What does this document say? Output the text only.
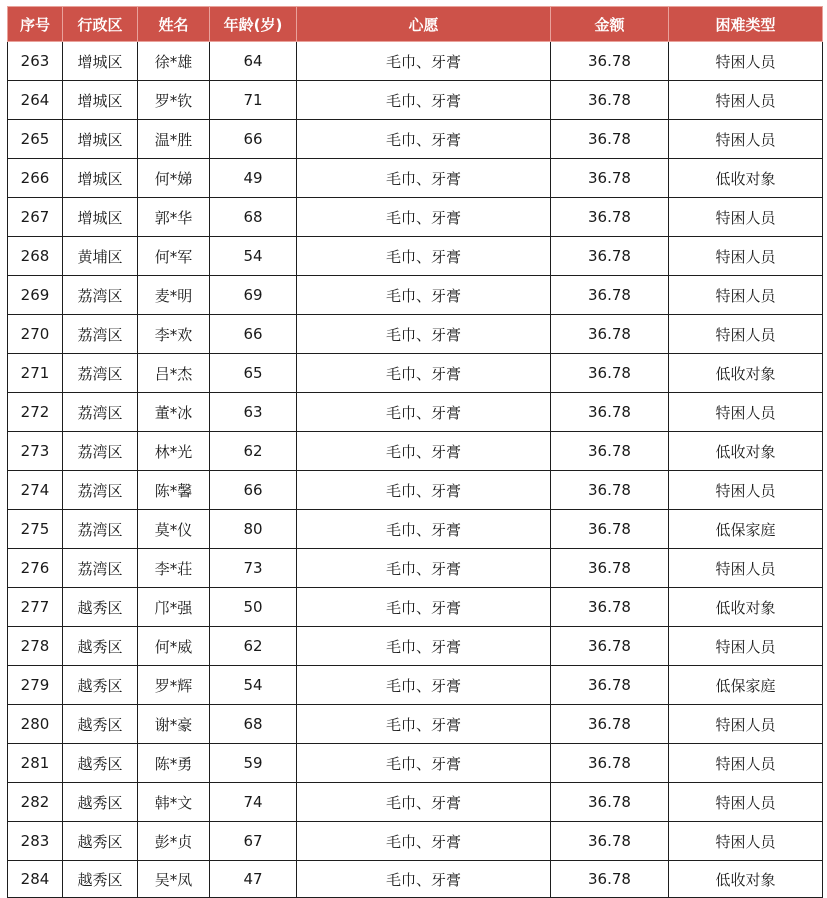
序号	行政区	姓名	年龄(岁)	心愿	金额	困难类型
263	增城区	徐*雄	64	毛巾、牙膏	36.78	特困人员
264	增城区	罗*钦	71	毛巾、牙膏	36.78	特困人员
265	增城区	温*胜	66	毛巾、牙膏	36.78	特困人员
266	增城区	何*娣	49	毛巾、牙膏	36.78	低收对象
267	增城区	郭*华	68	毛巾、牙膏	36.78	特困人员
268	黄埔区	何*军	54	毛巾、牙膏	36.78	特困人员
269	荔湾区	麦*明	69	毛巾、牙膏	36.78	特困人员
270	荔湾区	李*欢	66	毛巾、牙膏	36.78	特困人员
271	荔湾区	吕*杰	65	毛巾、牙膏	36.78	低收对象
272	荔湾区	董*冰	63	毛巾、牙膏	36.78	特困人员
273	荔湾区	林*光	62	毛巾、牙膏	36.78	低收对象
274	荔湾区	陈*馨	66	毛巾、牙膏	36.78	特困人员
275	荔湾区	莫*仪	80	毛巾、牙膏	36.78	低保家庭
276	荔湾区	李*荘	73	毛巾、牙膏	36.78	特困人员
277	越秀区	邝*强	50	毛巾、牙膏	36.78	低收对象
278	越秀区	何*威	62	毛巾、牙膏	36.78	特困人员
279	越秀区	罗*辉	54	毛巾、牙膏	36.78	低保家庭
280	越秀区	谢*豪	68	毛巾、牙膏	36.78	特困人员
281	越秀区	陈*勇	59	毛巾、牙膏	36.78	特困人员
282	越秀区	韩*文	74	毛巾、牙膏	36.78	特困人员
283	越秀区	彭*贞	67	毛巾、牙膏	36.78	特困人员
284	越秀区	吴*凤	47	毛巾、牙膏	36.78	低收对象
